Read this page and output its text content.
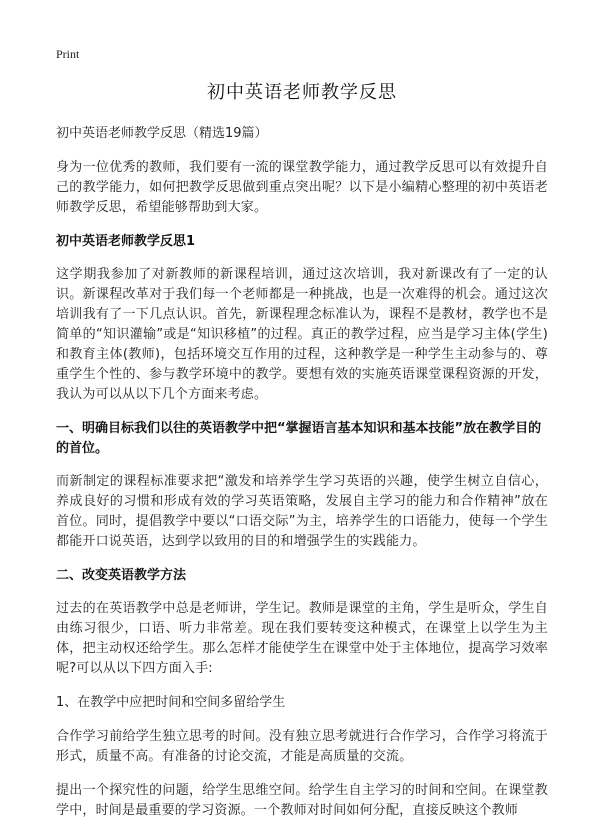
Print
初中英语老师教学反思
初中英语老师教学反思（精选19篇）

身为一位优秀的教师，我们要有一流的课堂教学能力，通过教学反思可以有效提升自己的教学能力，如何把教学反思做到重点突出呢？以下是小编精心整理的初中英语老师教学反思，希望能够帮助到大家。

初中英语老师教学反思1

这学期我参加了对新教师的新课程培训，通过这次培训，我对新课改有了一定的认识。新课程改革对于我们每一个老师都是一种挑战，也是一次难得的机会。通过这次培训我有了一下几点认识。首先，新课程理念标准认为，课程不是教材，教学也不是简单的“知识灌输”或是“知识移植”的过程。真正的教学过程，应当是学习主体(学生)和教育主体(教师)，包括环境交互作用的过程，这种教学是一种学生主动参与的、尊重学生个性的、参与教学环境中的教学。要想有效的实施英语课堂课程资源的开发，我认为可以从以下几个方面来考虑。

一、明确目标我们以往的英语教学中把“掌握语言基本知识和基本技能”放在教学目的的首位。

而新制定的课程标准要求把“激发和培养学生学习英语的兴趣，使学生树立自信心，养成良好的习惯和形成有效的学习英语策略，发展自主学习的能力和合作精神”放在首位。同时，提倡教学中要以“口语交际”为主，培养学生的口语能力，使每一个学生都能开口说英语，达到学以致用的目的和增强学生的实践能力。

二、改变英语教学方法

过去的在英语教学中总是老师讲，学生记。教师是课堂的主角，学生是听众，学生自由练习很少，口语、听力非常差。现在我们要转变这种模式，在课堂上以学生为主体，把主动权还给学生。那么怎样才能使学生在课堂中处于主体地位，提高学习效率呢?可以从以下四方面入手:

1、在教学中应把时间和空间多留给学生

合作学习前给学生独立思考的时间。没有独立思考就进行合作学习，合作学习将流于形式，质量不高。有准备的讨论交流，才能是高质量的交流。

提出一个探究性的问题，给学生思维空间。给学生自主学习的时间和空间。在课堂教学中，时间是最重要的学习资源。一个教师对时间如何分配，直接反映这个教师
